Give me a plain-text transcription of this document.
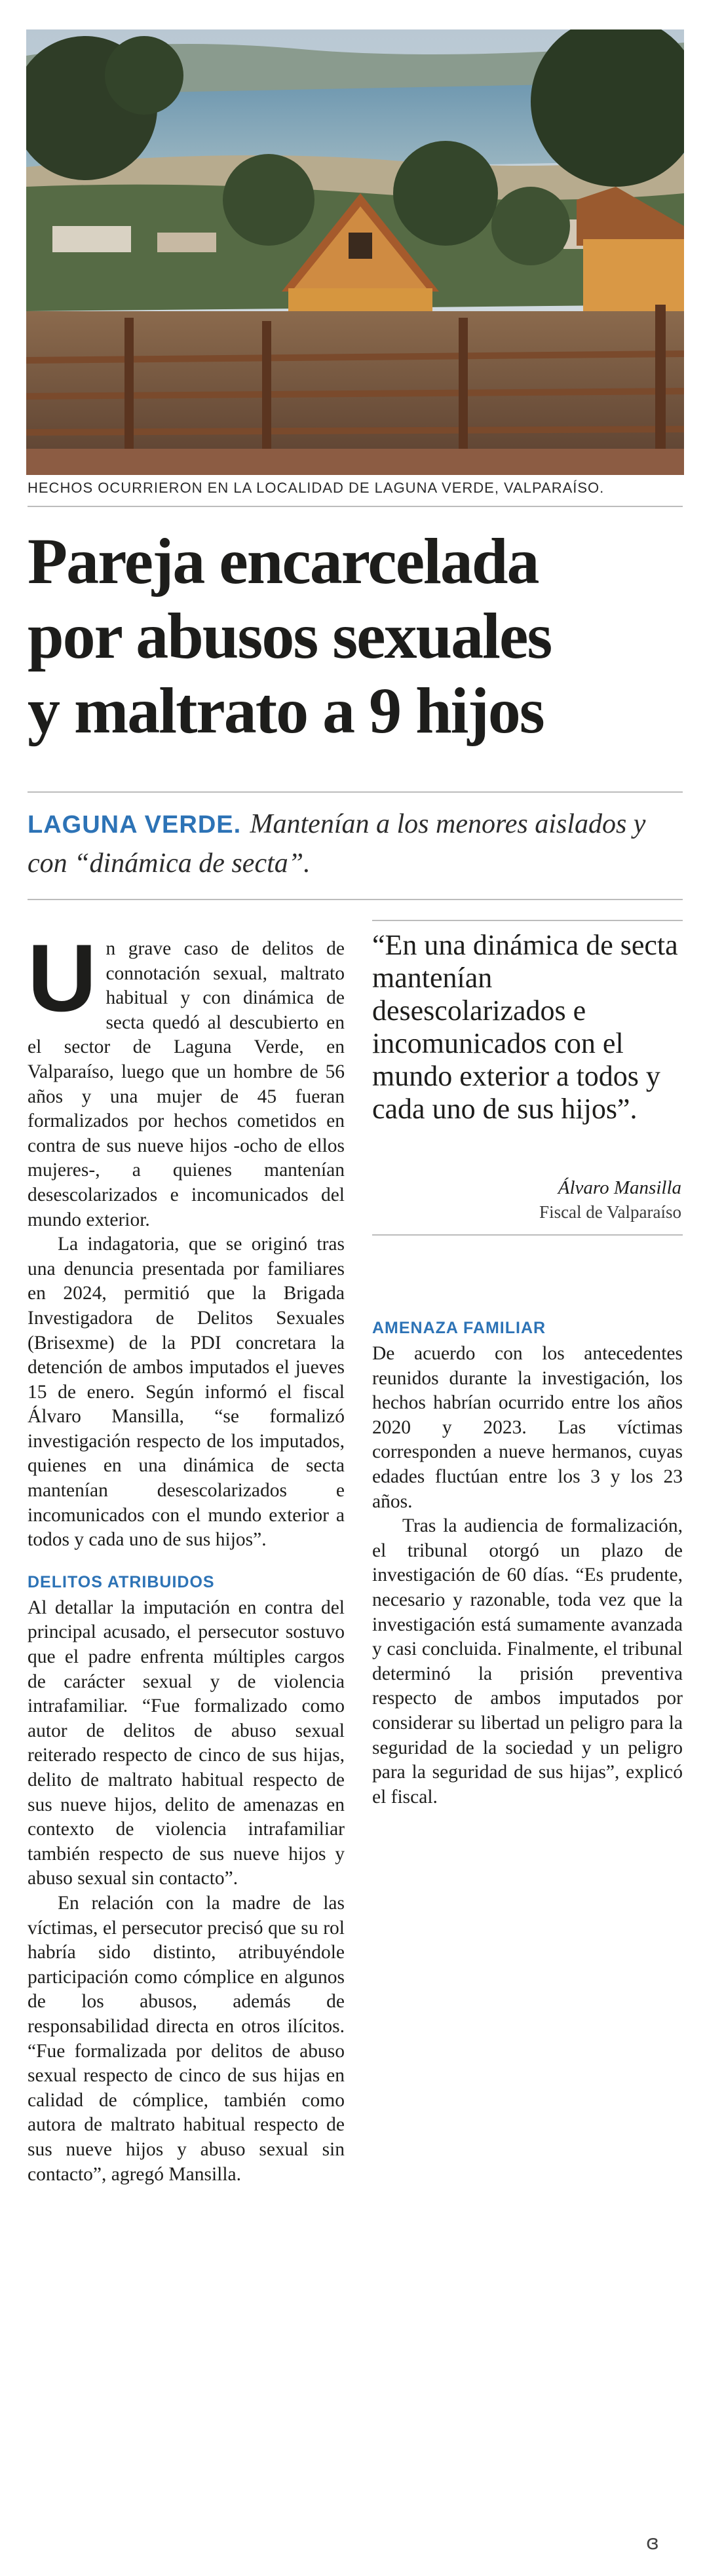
HECHOS OCURRIERON EN LA LOCALIDAD DE LAGUNA VERDE, VALPARAÍSO.
Pareja encarcelada
por abusos sexuales
y maltrato a 9 hijos
LAGUNA VERDE. Mantenían a los menores aislados y con “dinámica de secta”.

Un grave caso de delitos de connotación sexual, maltrato habitual y con dinámica de secta quedó al descubierto en el sector de Laguna Verde, en Valparaíso, luego que un hombre de 56 años y una mujer de 45 fueran formalizados por hechos cometidos en contra de sus nueve hijos -ocho de ellos mujeres-, a quienes mantenían desescolarizados e incomunicados del mundo exterior.

La indagatoria, que se originó tras una denuncia presentada por familiares en 2024, permitió que la Brigada Investigadora de Delitos Sexuales (Brisexme) de la PDI concretara la detención de ambos imputados el jueves 15 de enero. Según informó el fiscal Álvaro Mansilla, “se formalizó investigación respecto de los imputados, quienes en una dinámica de secta mantenían desescolarizados e incomunicados con el mundo exterior a todos y cada uno de sus hijos”.

DELITOS ATRIBUIDOS

Al detallar la imputación en contra del principal acusado, el persecutor sostuvo que el padre enfrenta múltiples cargos de carácter sexual y de violencia intrafamiliar. “Fue formalizado como autor de delitos de abuso sexual reiterado respecto de cinco de sus hijas, delito de maltrato habitual respecto de sus nueve hijos, delito de amenazas en contexto de violencia intrafamiliar también respecto de sus nueve hijos y abuso sexual sin contacto”.

En relación con la madre de las víctimas, el persecutor precisó que su rol habría sido distinto, atribuyéndole participación como cómplice en algunos de los abusos, además de responsabilidad directa en otros ilícitos. “Fue formalizada por delitos de abuso sexual respecto de cinco de sus hijas en calidad de cómplice, también como autora de maltrato habitual respecto de sus nueve hijos y abuso sexual sin contacto”, agregó Mansilla.

“En una dinámica de secta mantenían desescolarizados e incomunicados con el mundo exterior a todos y cada uno de sus hijos”.
Álvaro Mansilla
Fiscal de Valparaíso
AMENAZA FAMILIAR

De acuerdo con los antecedentes reunidos durante la investigación, los hechos habrían ocurrido entre los años 2020 y 2023. Las víctimas corresponden a nueve hermanos, cuyas edades fluctúan entre los 3 y los 23 años.

Tras la audiencia de formalización, el tribunal otorgó un plazo de investigación de 60 días. “Es prudente, necesario y razonable, toda vez que la investigación está sumamente avanzada y casi concluida. Finalmente, el tribunal determinó la prisión preventiva respecto de ambos imputados por considerar su libertad un peligro para la seguridad de la sociedad y un peligro para la seguridad de sus hijas”, explicó el fiscal.

ɞ
